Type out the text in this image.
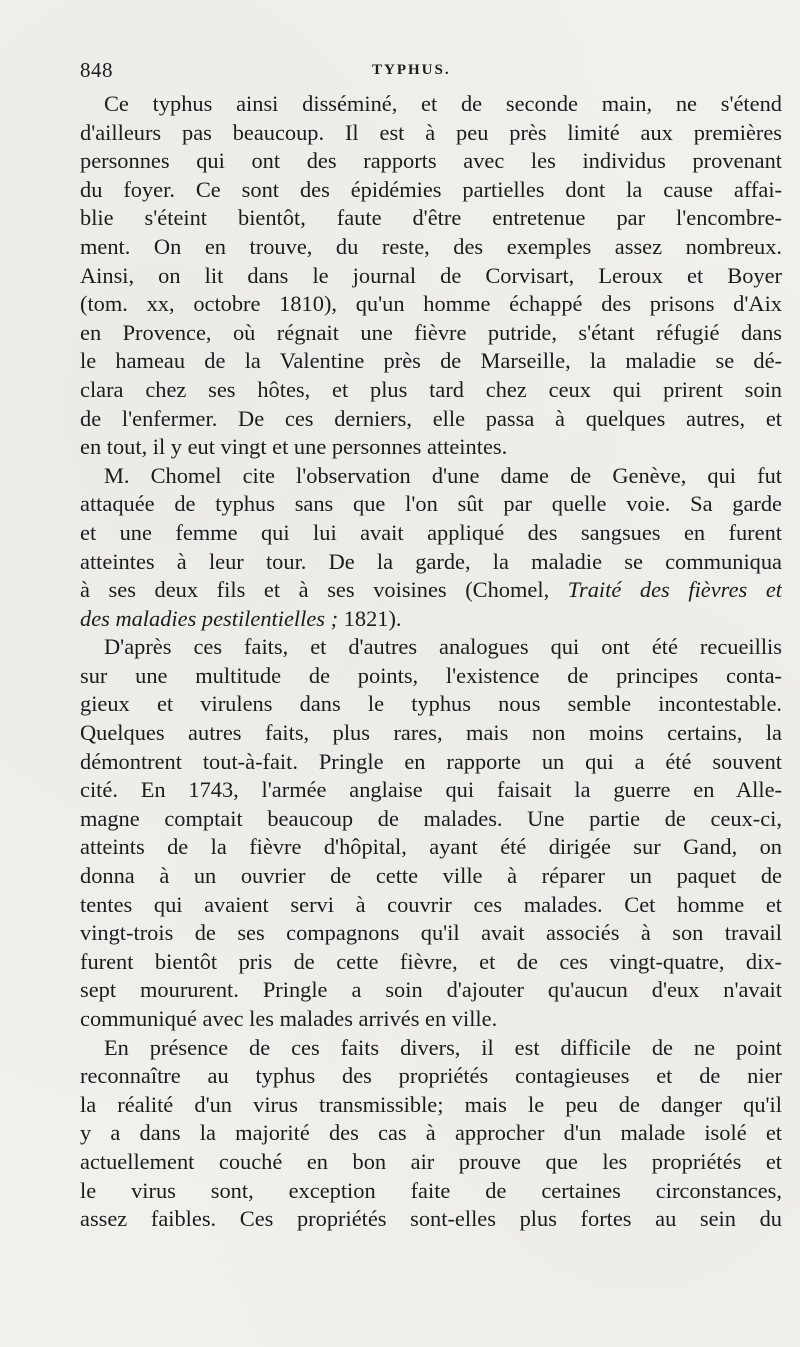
848	TYPHUS.
Ce typhus ainsi disséminé, et de seconde main, ne s'étend
d'ailleurs pas beaucoup. Il est à peu près limité aux premières
personnes qui ont des rapports avec les individus provenant
du foyer. Ce sont des épidémies partielles dont la cause affai-
blie s'éteint bientôt, faute d'être entretenue par l'encombre-
ment. On en trouve, du reste, des exemples assez nombreux.
Ainsi, on lit dans le journal de Corvisart, Leroux et Boyer
(tom. xx, octobre 1810), qu'un homme échappé des prisons d'Aix
en Provence, où régnait une fièvre putride, s'étant réfugié dans
le hameau de la Valentine près de Marseille, la maladie se dé-
clara chez ses hôtes, et plus tard chez ceux qui prirent soin
de l'enfermer. De ces derniers, elle passa à quelques autres, et
en tout, il y eut vingt et une personnes atteintes.
M. Chomel cite l'observation d'une dame de Genève, qui fut
attaquée de typhus sans que l'on sût par quelle voie. Sa garde
et une femme qui lui avait appliqué des sangsues en furent
atteintes à leur tour. De la garde, la maladie se communiqua
à ses deux fils et à ses voisines (Chomel, Traité des fièvres et
des maladies pestilentielles ; 1821).
D'après ces faits, et d'autres analogues qui ont été recueillis
sur une multitude de points, l'existence de principes conta-
gieux et virulens dans le typhus nous semble incontestable.
Quelques autres faits, plus rares, mais non moins certains, la
démontrent tout-à-fait. Pringle en rapporte un qui a été souvent
cité. En 1743, l'armée anglaise qui faisait la guerre en Alle-
magne comptait beaucoup de malades. Une partie de ceux-ci,
atteints de la fièvre d'hôpital, ayant été dirigée sur Gand, on
donna à un ouvrier de cette ville à réparer un paquet de
tentes qui avaient servi à couvrir ces malades. Cet homme et
vingt-trois de ses compagnons qu'il avait associés à son travail
furent bientôt pris de cette fièvre, et de ces vingt-quatre, dix-
sept moururent. Pringle a soin d'ajouter qu'aucun d'eux n'avait
communiqué avec les malades arrivés en ville.
En présence de ces faits divers, il est difficile de ne point
reconnaître au typhus des propriétés contagieuses et de nier
la réalité d'un virus transmissible; mais le peu de danger qu'il
y a dans la majorité des cas à approcher d'un malade isolé et
actuellement couché en bon air prouve que les propriétés et
le virus sont, exception faite de certaines circonstances,
assez faibles. Ces propriétés sont-elles plus fortes au sein du
